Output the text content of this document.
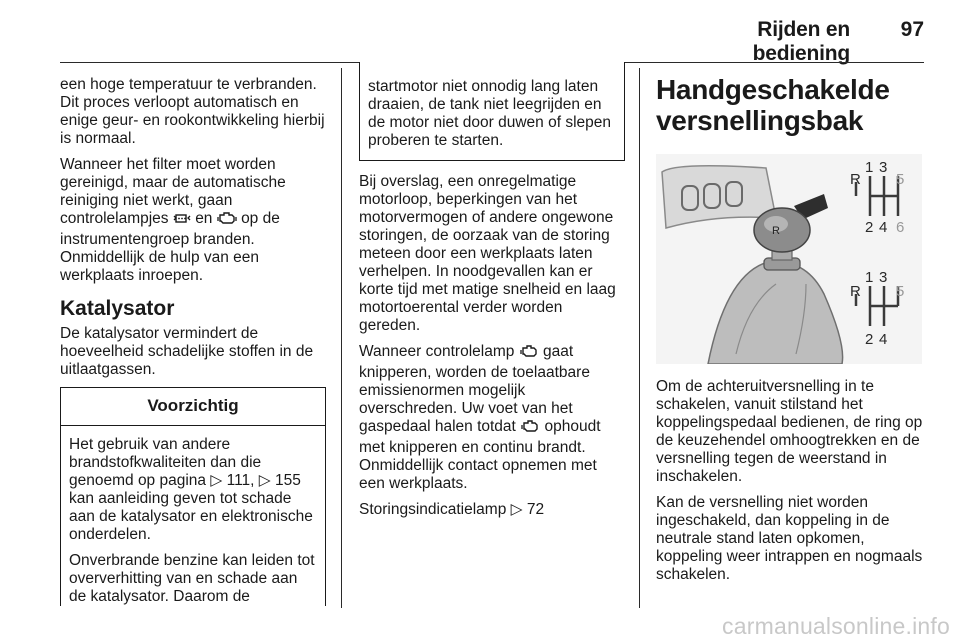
Rijden en bediening
97

een hoge temperatuur te verbranden. Dit proces verloopt automatisch en enige geur- en rookontwikkeling hierbij is normaal.

Wanneer het filter moet worden gereinigd, maar de automatische reiniging niet werkt, gaan controlelampjes en op de instrumentengroep branden. Onmiddellijk de hulp van een werkplaats inroepen.

Katalysator

De katalysator vermindert de hoeveelheid schadelijke stoffen in de uitlaatgassen.

Voorzichtig

Het gebruik van andere brandstofkwaliteiten dan die genoemd op pagina ▷ 111, ▷ 155 kan aanleiding geven tot schade aan de katalysator en elektronische onderdelen.

Onverbrande benzine kan leiden tot oververhitting van en schade aan de katalysator. Daarom de

startmotor niet onnodig lang laten draaien, de tank niet leegrijden en de motor niet door duwen of slepen proberen te starten.

Bij overslag, een onregelmatige motorloop, beperkingen van het motorvermogen of andere ongewone storingen, de oorzaak van de storing meteen door een werkplaats laten verhelpen. In noodgevallen kan er korte tijd met matige snelheid en laag motortoerental verder worden gereden.

Wanneer controlelamp gaat knipperen, worden de toelaatbare emissienormen mogelijk overschreden. Uw voet van het gaspedaal halen totdat ophoudt met knipperen en continu brandt. Onmiddellijk contact opnemen met een werkplaats.

Storingsindicatielamp ▷ 72

Handgeschakelde versnellingsbak
R
R
1 3
5
2 4 6
R
1 3
5
2 4

Om de achteruitversnelling in te schakelen, vanuit stilstand het koppelingspedaal bedienen, de ring op de keuzehendel omhoogtrekken en de versnelling tegen de weerstand in inschakelen.

Kan de versnelling niet worden ingeschakeld, dan koppeling in de neutrale stand laten opkomen, koppeling weer intrappen en nogmaals schakelen.

carmanualsonline.info
